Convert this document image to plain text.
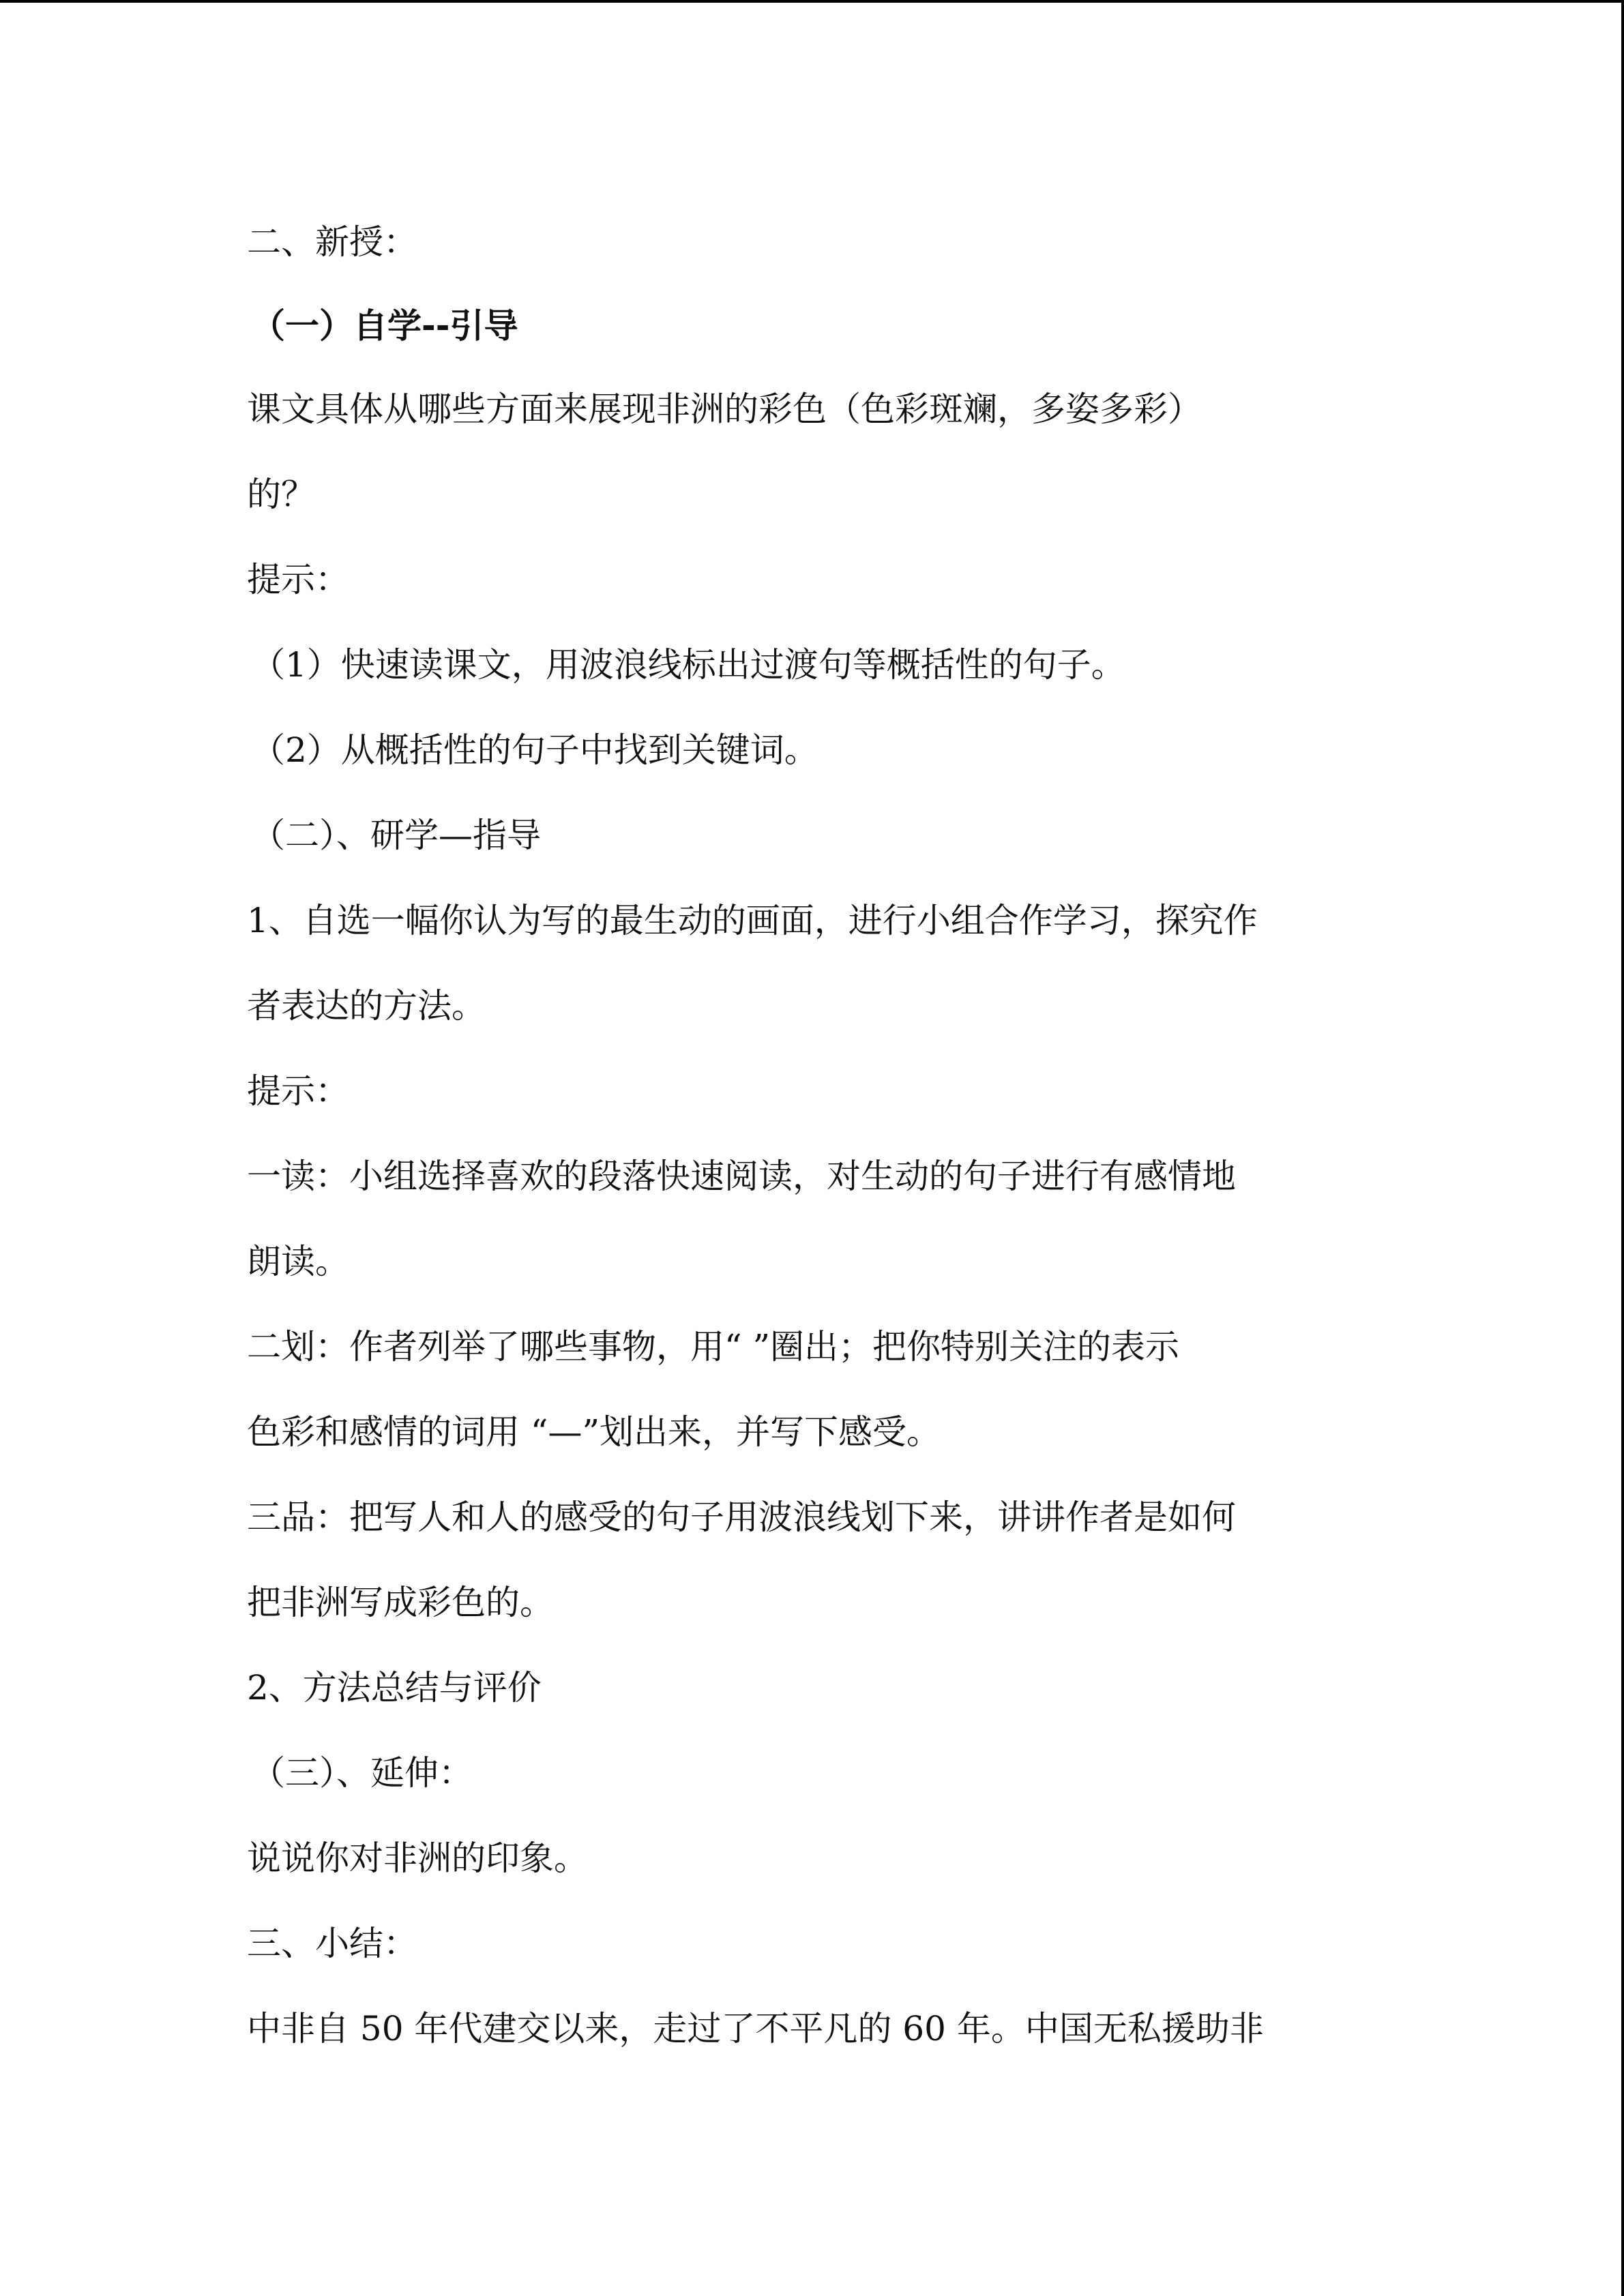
二、新授：
（一）自学--引导
课文具体从哪些方面来展现非洲的彩色（色彩斑斓，多姿多彩）
的？
提示：
（1）快速读课文，用波浪线标出过渡句等概括性的句子。
（2）从概括性的句子中找到关键词。
（二）、研学—指导
1、自选一幅你认为写的最生动的画面，进行小组合作学习，探究作
者表达的方法。
提示：
一读：小组选择喜欢的段落快速阅读，对生动的句子进行有感情地
朗读。
二划：作者列举了哪些事物，用“ ”圈出；把你特别关注的表示
色彩和感情的词用 “—”划出来，并写下感受。
三品：把写人和人的感受的句子用波浪线划下来，讲讲作者是如何
把非洲写成彩色的。
2、方法总结与评价
（三）、延伸：
说说你对非洲的印象。
三、小结：
中非自 50 年代建交以来，走过了不平凡的 60 年。中国无私援助非
